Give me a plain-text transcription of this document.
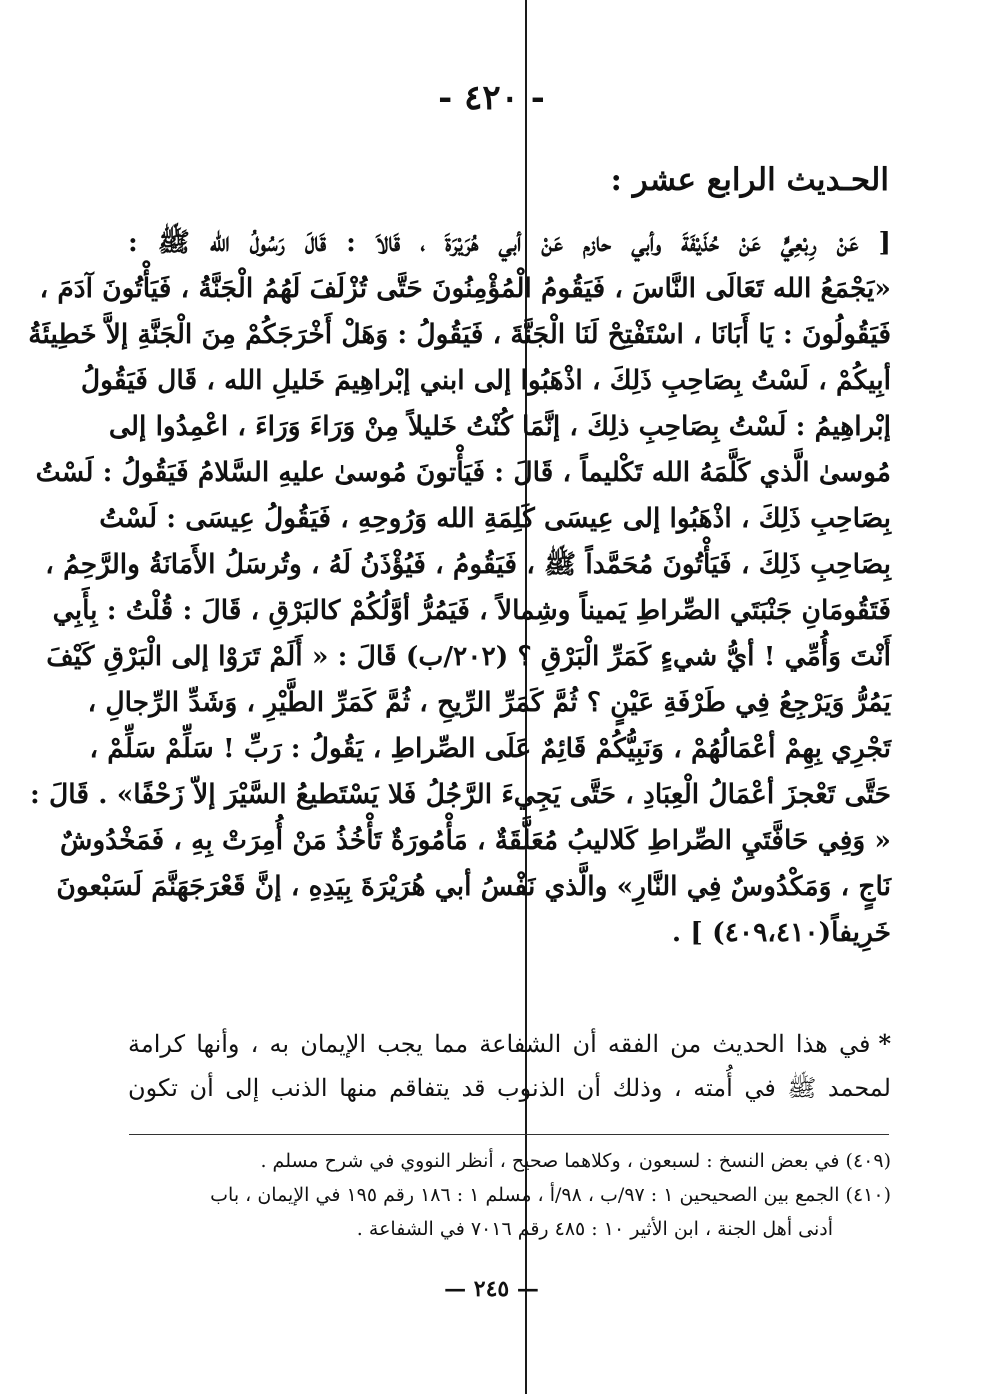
- ٤٢٠ -
الحـديث الرابع عشر :
[ عَنْ رِبْعِيٍّ عَنْ حُذَيْفَةَ وأبي حازم عَنْ أبي هُرَيْرَةَ ، قَالاَ : قَالَ رَسُولُ الله ﷺ :
«يَجْمَعُ الله تَعَالَى النَّاسَ ، فَيَقُومُ الْمُؤْمِنُونَ حَتَّى تُزْلَفَ لَهُمُ الْجَنَّةُ ، فَيَأْتُونَ آدَمَ ،
فَيَقُولُونَ : يَا أَبَانَا ، اسْتَفْتِحْ لَنَا الْجَنَّةَ ، فَيَقُولُ : وَهَلْ أَخْرَجَكُمْ مِنَ الْجَنَّةِ إلاَّ خَطِيئَةُ
أبِيكُمْ ، لَسْتُ بِصَاحِبِ ذَلِكَ ، اذْهَبُوا إلى ابني إبْراهِيمَ خَليلِ الله ، قَال فَيَقُولُ
إبْراهِيمُ : لَسْتُ بِصَاحِبِ ذلِكَ ، إنَّمَا كُنْتُ خَليلاً مِنْ وَرَاءَ وَرَاءَ ، اعْمِدُوا إلى
مُوسىٰ الَّذي كَلَّمَهُ الله تَكْليماً ، قَالَ : فَيَأْتونَ مُوسىٰ عليهِ السَّلامُ فَيَقُولُ : لَسْتُ
بِصَاحِبِ ذَلِكَ ، اذْهَبُوا إلى عِيسَى كَلِمَةِ الله وَرُوحِهِ ، فَيَقُولُ عِيسَى : لَسْتُ
بِصَاحِبِ ذَلِكَ ، فَيَأْتُونَ مُحَمَّداً ﷺ ، فَيَقُومُ ، فَيُؤْذَنُ لَهُ ، وتُرسَلُ الأَمَانَةُ والرَّحِمُ ،
فَتَقُومَانِ جَنْبَتَي الصِّراطِ يَميناً وشِمالاً ، فَيَمُرُّ أوَّلُكُمْ كالبَرْقِ ، قَالَ : قُلْتُ : بِأَبِي
أَنْتَ وَأُمِّي ! أيُّ شيءٍ كَمَرِّ الْبَرْقِ ؟ (٢٠٢/ب) قَالَ : « أَلَمْ تَرَوْا إلى الْبَرْقِ كَيْفَ
يَمُرُّ وَيَرْجِعُ فِي طَرْفَةِ عَيْنٍ ؟ ثُمَّ كَمَرِّ الرِّيحِ ، ثُمَّ كَمَرِّ الطَّيْرِ ، وَشَدِّ الرِّجالِ ،
تَجْرِي بِهِمْ أعْمَالُهُمْ ، وَنَبِيُّكُمْ قَائِمٌ عَلَى الصِّراطِ ، يَقُولُ : رَبِّ ! سَلِّمْ سَلِّمْ ،
حَتَّى تَعْجزَ أعْمَالُ الْعِبَادِ ، حَتَّى يَجِيءَ الرَّجُلُ فَلا يَسْتَطيعُ السَّيْرَ إلاّ زَحْفًا» . قَالَ :
« وَفِي حَافَّتَيِ الصِّراطِ كَلاليبُ مُعَلَّقَةٌ ، مَأْمُورَةٌ تَأْخُذُ مَنْ أُمِرَتْ بِهِ ، فَمَخْدُوشٌ
نَاجٍ ، وَمَكْدُوسٌ فِي النَّارِ» والَّذي نَفْسُ أبي هُرَيْرَةَ بِيَدِهِ ، إنَّ قَعْرَجَهَنَّمَ لَسَبْعونَ
خَرِيفاً(٤٠٩،٤١٠) ] .
*في هذا الحديث من الفقه أن الشفاعة مما يجب الإيمان به ، وأنها كرامة
لمحمد ﷺ في أُمته ، وذلك أن الذنوب قد يتفاقم منها الذنب إلى أن تكون
(٤٠٩) في بعض النسخ : لسبعون ، وكلاهما صحيح ، أنظر النووي في شرح مسلم .
(٤١٠) الجمع بين الصحيحين ١ : ٩٧/ب ، ٩٨/أ ، مسلم ١ : ١٨٦ رقم ١٩٥ في الإيمان ، باب
أدنى أهل الجنة ، ابن الأثير ١٠ : ٤٨٥ رقم ٧٠١٦ في الشفاعة .
— ٢٤٥ —
